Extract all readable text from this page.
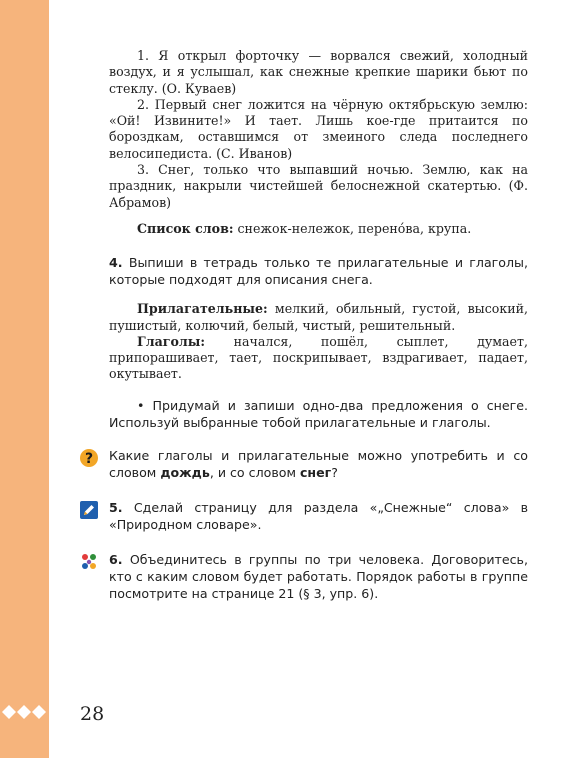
1. Я открыл форточку — ворвался свежий, холодный воздух, и я услышал, как снежные крепкие шарики бьют по стеклу. (О. Куваев)

2. Первый снег ложится на чёрную октябрьскую землю: «Ой! Извините!» И тает. Лишь кое-где притаится по бороздкам, оставшимся от змеиного следа последнего велосипедиста. (С. Иванов)

3. Снег, только что выпавший ночью. Землю, как на праздник, накрыли чистейшей белоснежной скатертью. (Ф. Абрамов)

Список слов: снежок-нележок, перено́ва, крупа.

4. Выпиши в тетрадь только те прилагательные и глаголы, которые подходят для описания снега.

Прилагательные: мелкий, обильный, густой, высокий, пушистый, колючий, белый, чистый, решительный.

Глаголы: начался, пошёл, сыплет, думает, припорашивает, тает, поскрипывает, вздрагивает, падает, окутывает.

• Придумай и запиши одно-два предложения о снеге. Используй выбранные тобой прилагательные и глаголы.

? Какие глаголы и прилагательные можно употребить и со словом дождь, и со словом снег?

5. Сделай страницу для раздела «„Снежные“ слова» в «Природном словаре».

6. Объединитесь в группы по три человека. Договоритесь, кто с каким словом будет работать. Порядок работы в группе посмотрите на странице 21 (§ 3, упр. 6).

28
